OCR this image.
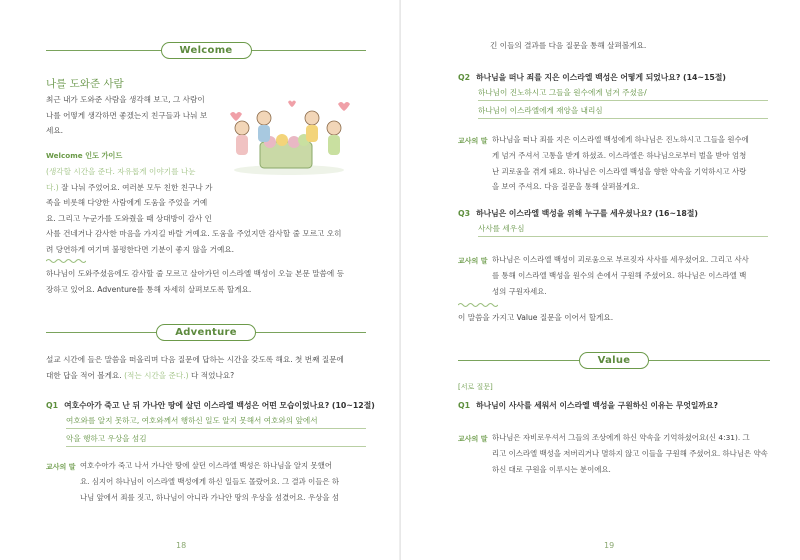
Welcome
나를 도와준 사람
최근 내가 도와준 사람을 생각해 보고, 그 사람이
나를 어떻게 생각하면 좋겠는지 친구들과 나눠 보
세요.
Welcome 인도 가이드
(생각할 시간을 준다. 자유롭게 이야기를 나눈
다.) 잘 나눠 주었어요. 여러분 모두 친한 친구나 가
족을 비롯해 다양한 사람에게 도움을 주었을 거예
요. 그리고 누군가를 도와줬을 때 상대방이 감사 인
사를 건네거나 감사한 마음을 가지길 바랄 거예요. 도움을 주었지만 감사할 줄 모르고 오히
려 당연하게 여기며 불평한다면 기분이 좋지 않을 거예요.
하나님이 도와주셨음에도 감사할 줄 모르고 살아가던 이스라엘 백성이 오늘 본문 말씀에 등
장하고 있어요. Adventure를 통해 자세히 살펴보도록 할게요.
Adventure
설교 시간에 들은 말씀을 떠올리며 다음 질문에 답하는 시간을 갖도록 해요. 첫 번째 질문에
대한 답을 적어 볼게요. (적는 시간을 준다.) 다 적었나요?
Q1 여호수아가 죽고 난 뒤 가나안 땅에 살던 이스라엘 백성은 어떤 모습이었나요? (10~12절)
여호와를 알지 못하고, 여호와께서 행하신 일도 알지 못해서 여호와의 앞에서
악을 행하고 우상을 섬김
교사의 말 여호수아가 죽고 나서 가나안 땅에 살던 이스라엘 백성은 하나님을 알지 못했어
요. 심지어 하나님이 이스라엘 백성에게 하신 일들도 몰랐어요. 그 결과 이들은 하
나님 앞에서 죄를 짓고, 하나님이 아니라 가나안 땅의 우상을 섬겼어요. 우상을 섬
18
긴 이들의 결과를 다음 질문을 통해 살펴볼게요.
Q2 하나님을 떠나 죄를 지은 이스라엘 백성은 어떻게 되었나요? (14~15절)
하나님이 진노하시고 그들을 원수에게 넘겨 주셨음/
하나님이 이스라엘에게 재앙을 내리심
교사의 말 하나님을 떠나 죄를 지은 이스라엘 백성에게 하나님은 진노하시고 그들을 원수에
게 넘겨 주셔서 고통을 받게 하셨죠. 이스라엘은 하나님으로부터 벌을 받아 엄청
난 괴로움을 겪게 돼요. 하나님은 이스라엘 백성을 향한 약속을 기억하시고 사랑
을 보여 주셔요. 다음 질문을 통해 살펴볼게요.
Q3 하나님은 이스라엘 백성을 위해 누구를 세우셨나요? (16~18절)
사사를 세우심
교사의 말 하나님은 이스라엘 백성이 괴로움으로 부르짖자 사사를 세우셨어요. 그리고 사사
를 통해 이스라엘 백성을 원수의 손에서 구원해 주셨어요. 하나님은 이스라엘 백
성의 구원자세요.
이 말씀을 가지고 Value 질문을 이어서 할게요.
Value
[서로 질문]
Q1 하나님이 사사를 세워서 이스라엘 백성을 구원하신 이유는 무엇일까요?
교사의 말 하나님은 자비로우셔서 그들의 조상에게 하신 약속을 기억하셨어요(신 4:31). 그
리고 이스라엘 백성을 저버리거나 멸하지 않고 이들을 구원해 주셨어요. 하나님은 약속
하신 대로 구원을 이루시는 분이에요.
19
